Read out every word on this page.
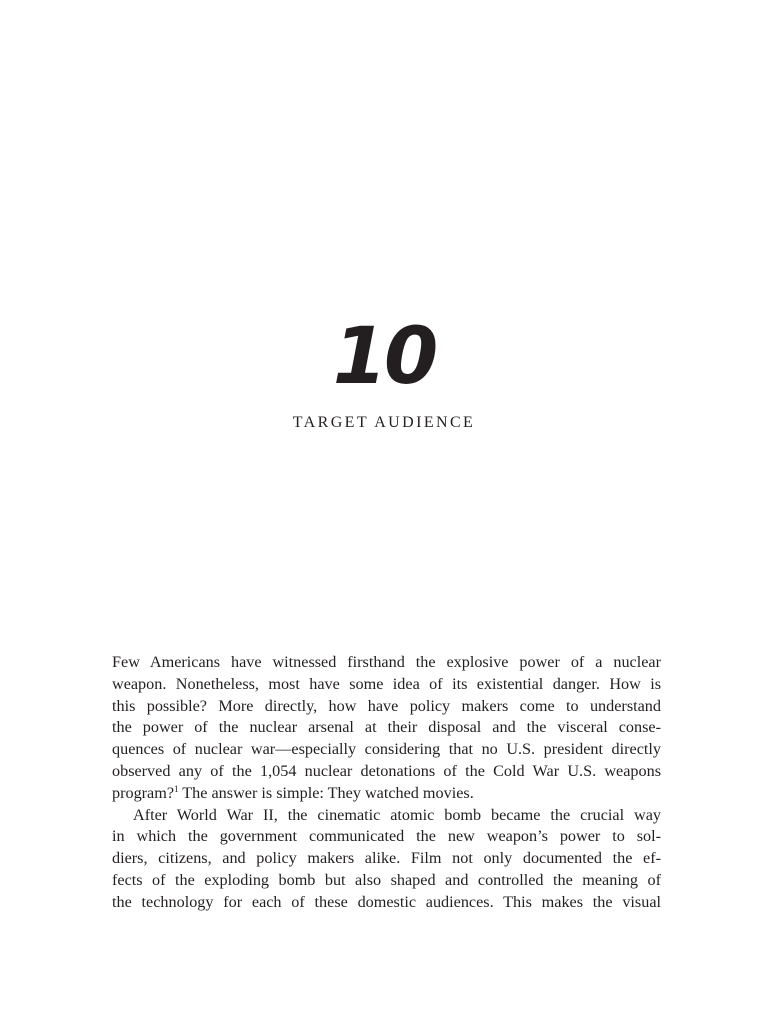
10
TARGET AUDIENCE
Few Americans have witnessed firsthand the explosive power of a nuclear
weapon. Nonetheless, most have some idea of its existential danger. How is
this possible? More directly, how have policy makers come to understand
the power of the nuclear arsenal at their disposal and the visceral conse-
quences of nuclear war—especially considering that no U.S. president directly
observed any of the 1,054 nuclear detonations of the Cold War U.S. weapons
program?$^1$ The answer is simple: They watched movies.
After World War II, the cinematic atomic bomb became the crucial way
in which the government communicated the new weapon’s power to sol-
diers, citizens, and policy makers alike. Film not only documented the ef-
fects of the exploding bomb but also shaped and controlled the meaning of
the technology for each of these domestic audiences. This makes the visual
